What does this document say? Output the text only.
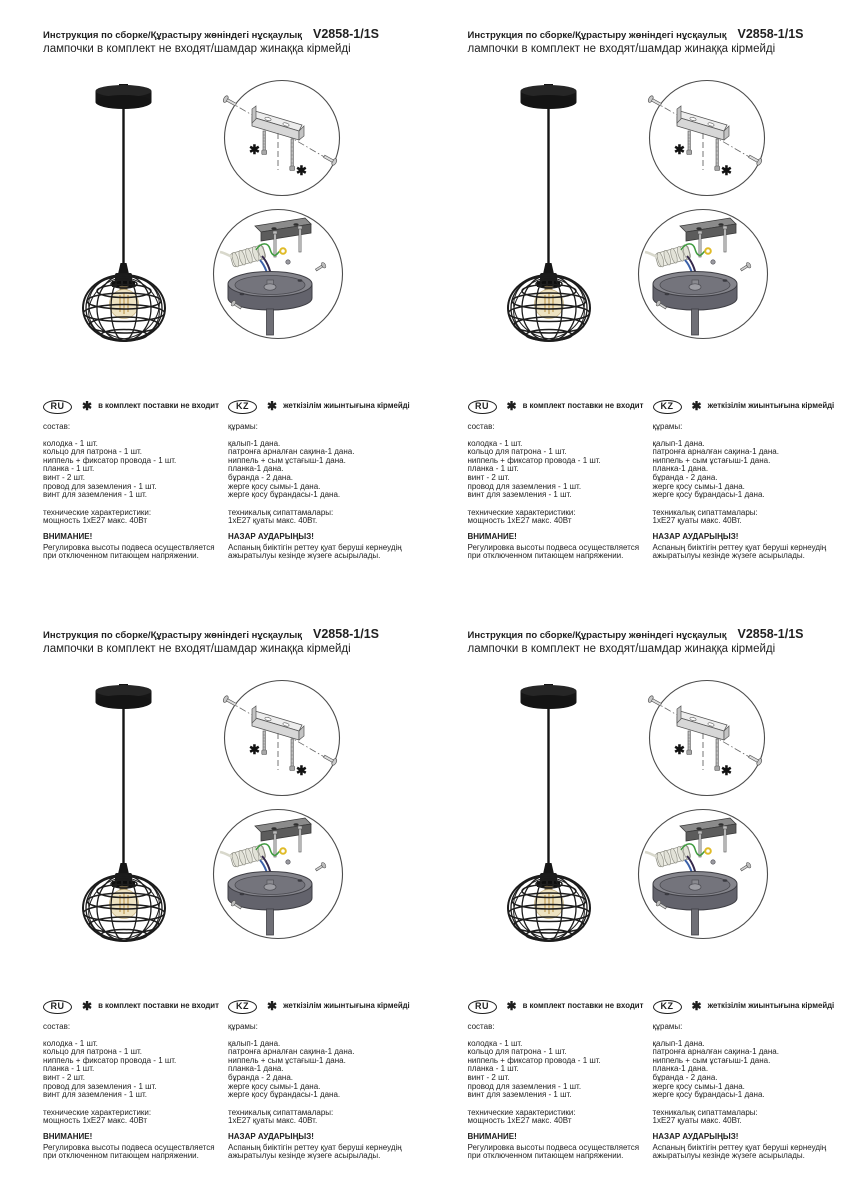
Инструкция по сборке/Құрастыру жөніндегі нұсқаулық V2858-1/1S
лампочки в комплект не входят/шамдар жинаққа кірмейді
✱
✱
RU	✱ в комплект поставки не входит
состав:
колодка - 1 шт.
кольцо для патрона - 1 шт.
ниппель + фиксатор провода - 1 шт.
планка - 1 шт.
винт - 2 шт.
провод для заземления - 1 шт.
винт для заземления - 1 шт.
технические характеристики:
мощность 1хЕ27 макс. 40Вт
ВНИМАНИЕ!
Регулировка высоты подвеса осуществляется при отключенном питающем напряжении.
KZ	✱ жеткізілім жиынтығына кірмейді
құрамы:
қалып-1 дана.
патронға арналған сақина-1 дана.
ниппель + сым ұстағыш-1 дана.
планка-1 дана.
бұранда - 2 дана.
жерге қосу сымы-1 дана.
жерге қосу бұрандасы-1 дана.
техникалық сипаттамалары:
1хЕ27 қуаты макс. 40Вт.
НАЗАР АУДАРЫҢЫЗ!
Аспаның биіктігін реттеу қуат беруші кернеудің ажыратылуы кезінде жүзеге асырылады.
Инструкция по сборке/Құрастыру жөніндегі нұсқаулық V2858-1/1S
лампочки в комплект не входят/шамдар жинаққа кірмейді
✱
✱
RU	✱ в комплект поставки не входит
состав:
колодка - 1 шт.
кольцо для патрона - 1 шт.
ниппель + фиксатор провода - 1 шт.
планка - 1 шт.
винт - 2 шт.
провод для заземления - 1 шт.
винт для заземления - 1 шт.
технические характеристики:
мощность 1хЕ27 макс. 40Вт
ВНИМАНИЕ!
Регулировка высоты подвеса осуществляется при отключенном питающем напряжении.
KZ	✱ жеткізілім жиынтығына кірмейді
құрамы:
қалып-1 дана.
патронға арналған сақина-1 дана.
ниппель + сым ұстағыш-1 дана.
планка-1 дана.
бұранда - 2 дана.
жерге қосу сымы-1 дана.
жерге қосу бұрандасы-1 дана.
техникалық сипаттамалары:
1хЕ27 қуаты макс. 40Вт.
НАЗАР АУДАРЫҢЫЗ!
Аспаның биіктігін реттеу қуат беруші кернеудің ажыратылуы кезінде жүзеге асырылады.
Инструкция по сборке/Құрастыру жөніндегі нұсқаулық V2858-1/1S
лампочки в комплект не входят/шамдар жинаққа кірмейді
✱
✱
RU	✱ в комплект поставки не входит
состав:
колодка - 1 шт.
кольцо для патрона - 1 шт.
ниппель + фиксатор провода - 1 шт.
планка - 1 шт.
винт - 2 шт.
провод для заземления - 1 шт.
винт для заземления - 1 шт.
технические характеристики:
мощность 1хЕ27 макс. 40Вт
ВНИМАНИЕ!
Регулировка высоты подвеса осуществляется при отключенном питающем напряжении.
KZ	✱ жеткізілім жиынтығына кірмейді
құрамы:
қалып-1 дана.
патронға арналған сақина-1 дана.
ниппель + сым ұстағыш-1 дана.
планка-1 дана.
бұранда - 2 дана.
жерге қосу сымы-1 дана.
жерге қосу бұрандасы-1 дана.
техникалық сипаттамалары:
1хЕ27 қуаты макс. 40Вт.
НАЗАР АУДАРЫҢЫЗ!
Аспаның биіктігін реттеу қуат беруші кернеудің ажыратылуы кезінде жүзеге асырылады.
Инструкция по сборке/Құрастыру жөніндегі нұсқаулық V2858-1/1S
лампочки в комплект не входят/шамдар жинаққа кірмейді
✱
✱
RU	✱ в комплект поставки не входит
состав:
колодка - 1 шт.
кольцо для патрона - 1 шт.
ниппель + фиксатор провода - 1 шт.
планка - 1 шт.
винт - 2 шт.
провод для заземления - 1 шт.
винт для заземления - 1 шт.
технические характеристики:
мощность 1хЕ27 макс. 40Вт
ВНИМАНИЕ!
Регулировка высоты подвеса осуществляется при отключенном питающем напряжении.
KZ	✱ жеткізілім жиынтығына кірмейді
құрамы:
қалып-1 дана.
патронға арналған сақина-1 дана.
ниппель + сым ұстағыш-1 дана.
планка-1 дана.
бұранда - 2 дана.
жерге қосу сымы-1 дана.
жерге қосу бұрандасы-1 дана.
техникалық сипаттамалары:
1хЕ27 қуаты макс. 40Вт.
НАЗАР АУДАРЫҢЫЗ!
Аспаның биіктігін реттеу қуат беруші кернеудің ажыратылуы кезінде жүзеге асырылады.
